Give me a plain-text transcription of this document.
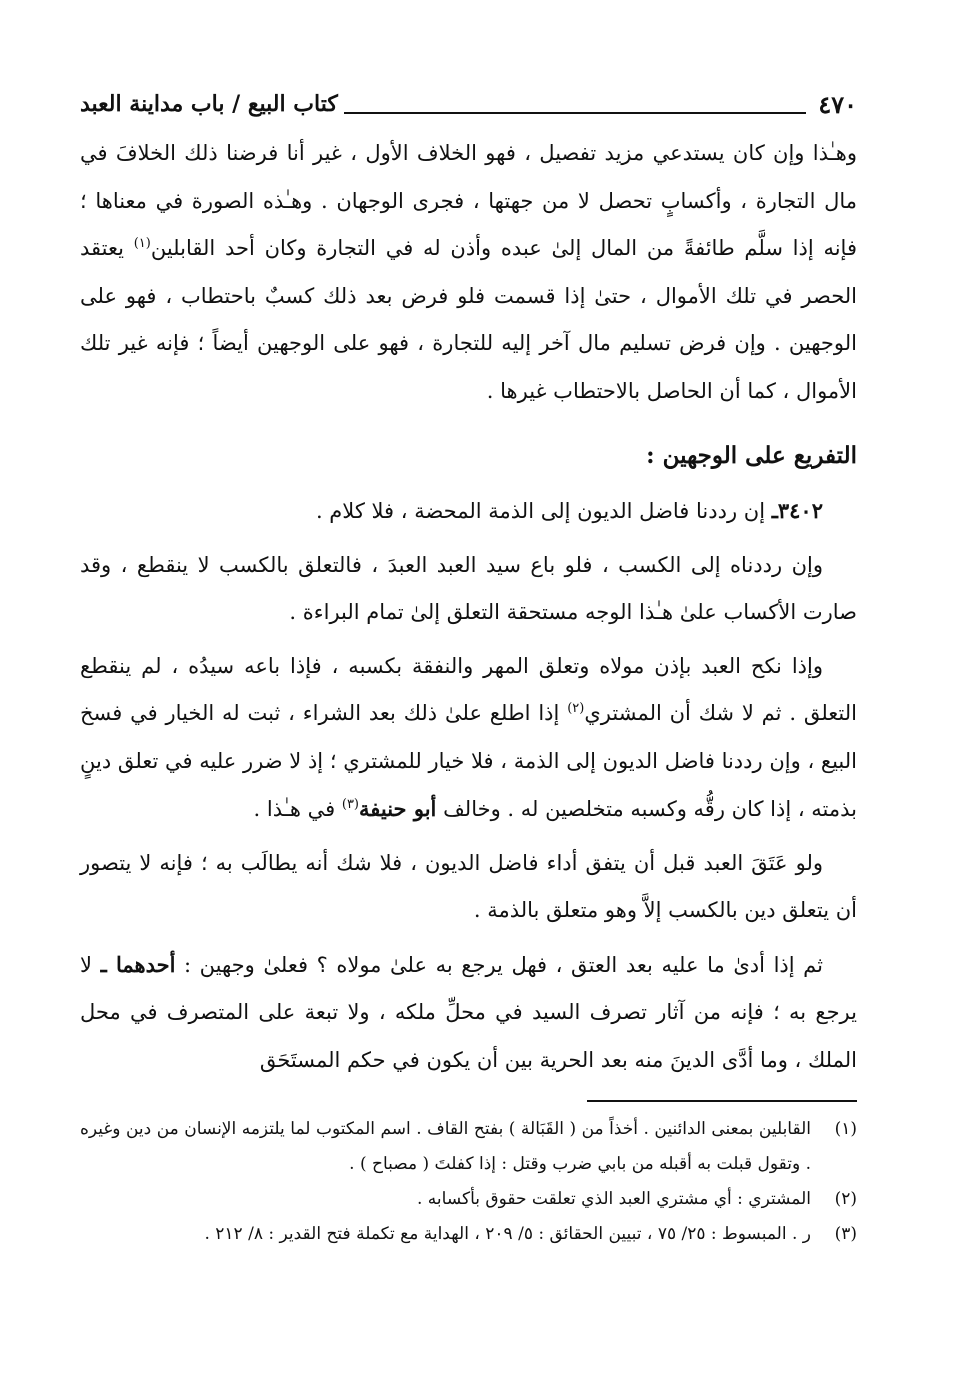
٤٧٠
كتاب البيع / باب مداينة العبد

وهـٰذا وإن كان يستدعي مزيد تفصيل ، فهو الخلاف الأول ، غير أنا فرضنا ذلك الخلافَ في مال التجارة ، وأكسابٍ تحصل لا من جهتها ، فجرى الوجهان . وهـٰذه الصورة في معناها ؛ فإنه إذا سلَّم طائفةً من المال إلىٰ عبده وأذن له في التجارة وكان أحد القابلين$^{(١)}$ يعتقد الحصر في تلك الأموال ، حتىٰ إذا قسمت فلو فرض بعد ذلك كسبٌ باحتطاب ، فهو على الوجهين . وإن فرض تسليم مال آخر إليه للتجارة ، فهو على الوجهين أيضاً ؛ فإنه غير تلك الأموال ، كما أن الحاصل بالاحتطاب غيرها .

التفريع على الوجهين :

٣٤٠٢ـ إن رددنا فاضل الديون إلى الذمة المحضة ، فلا كلام .

وإن رددناه إلى الكسب ، فلو باع سيد العبد العبدَ ، فالتعلق بالكسب لا ينقطع ، وقد صارت الأكساب علىٰ هـٰذا الوجه مستحقة التعلق إلىٰ تمام البراءة .

وإذا نكح العبد بإذن مولاه وتعلق المهر والنفقة بكسبه ، فإذا باعه سيدُه ، لم ينقطع التعلق . ثم لا شك أن المشتري$^{(٢)}$ إذا اطلع علىٰ ذلك بعد الشراء ، ثبت له الخيار في فسخ البيع ، وإن رددنا فاضل الديون إلى الذمة ، فلا خيار للمشتري ؛ إذ لا ضرر عليه في تعلق دينٍ بذمته ، إذا كان رقُّه وكسبه متخلصين له . وخالف أبو حنيفة$^{(٣)}$ في هـٰذا .

ولو عَتَقَ العبد قبل أن يتفق أداء فاضل الديون ، فلا شك أنه يطالَب به ؛ فإنه لا يتصور أن يتعلق دين بالكسب إلاَّ وهو متعلق بالذمة .

ثم إذا أدىٰ ما عليه بعد العتق ، فهل يرجع به علىٰ مولاه ؟ فعلىٰ وجهين : أحدهما ـ لا يرجع به ؛ فإنه من آثار تصرف السيد في محلِّ ملكه ، ولا تبعة على المتصرف في محل الملك ، وما أدَّى الدينَ منه بعد الحرية بين أن يكون في حكم المستَحَق

(١)
القابلين بمعنى الدائنين . أخذاً من ( القَبَالة ) بفتح القاف . اسم المكتوب لما يلتزمه الإنسان من دين وغيره . وتقول قبلت به أقبله من بابي ضرب وقتل : إذا كفلتَ ( مصباح ) .
(٢)
المشتري : أي مشتري العبد الذي تعلقت حقوق بأكسابه .
(٣)
ر . المبسوط : ٢٥/ ٧٥ ، تبيين الحقائق : ٥/ ٢٠٩ ، الهداية مع تكملة فتح القدير : ٨/ ٢١٢ .
